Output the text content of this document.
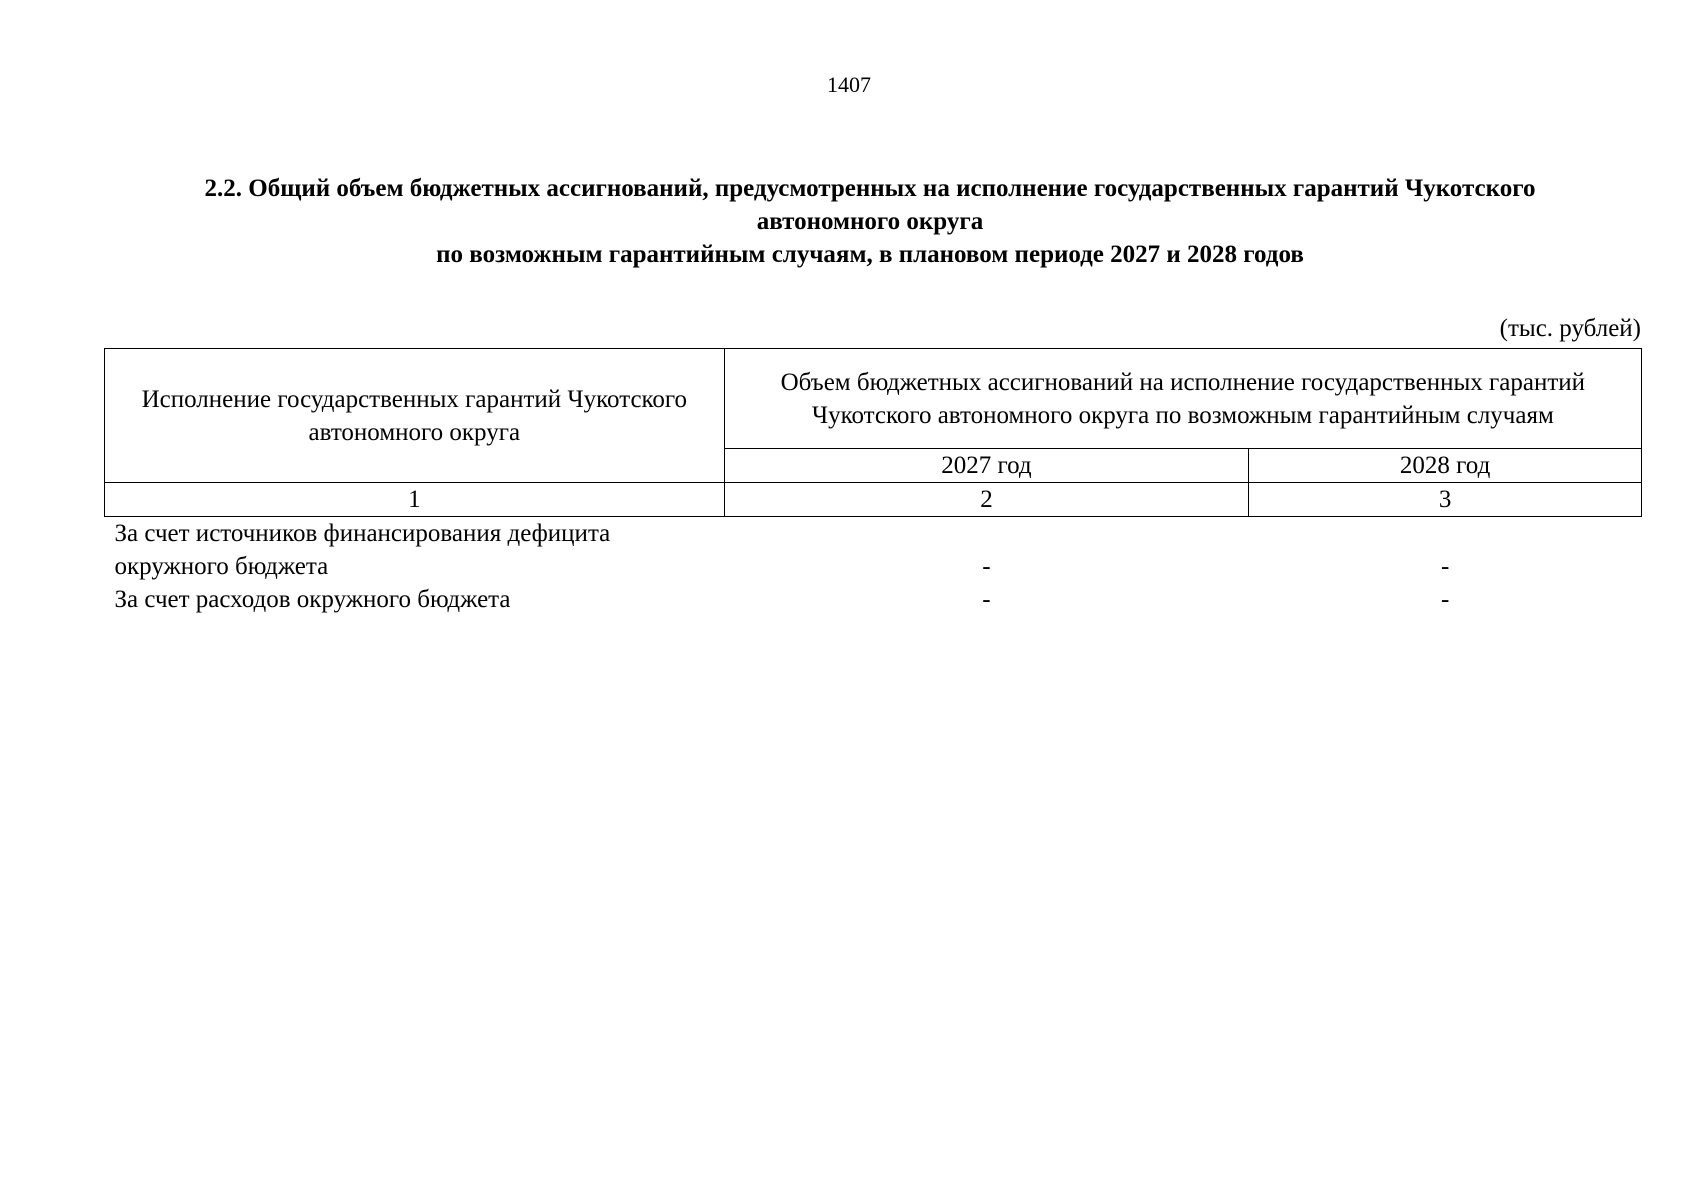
1407
2.2. Общий объем бюджетных ассигнований, предусмотренных на исполнение государственных гарантий Чукотского
автономного округа
по возможным гарантийным случаям, в плановом периоде 2027 и 2028 годов
(тыс. рублей)
Исполнение государственных гарантий Чукотского автономного округа	Объем бюджетных ассигнований на исполнение государственных гарантий Чукотского автономного округа по возможным гарантийным случаям	
	2027 год	2028 год
1	2	3
За счет источников финансирования дефицита окружного бюджета	-	-
За счет расходов окружного бюджета	-	-
